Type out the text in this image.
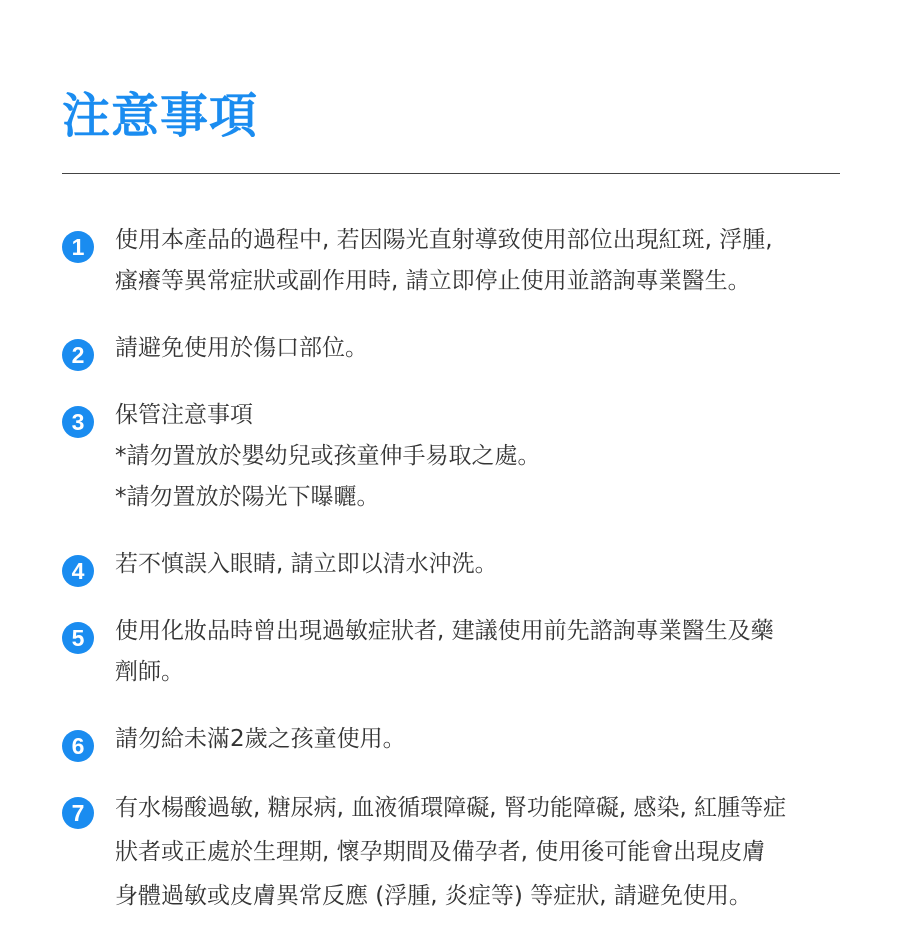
注意事項
1	使用本產品的過程中, 若因陽光直射導致使用部位出現紅斑, 浮腫,
瘙癢等異常症狀或副作用時, 請立即停止使用並諮詢專業醫生。
2	請避免使用於傷口部位。
3	保管注意事項
*請勿置放於嬰幼兒或孩童伸手易取之處。
*請勿置放於陽光下曝曬。
4	若不慎誤入眼睛, 請立即以清水沖洗。
5	使用化妝品時曾出現過敏症狀者, 建議使用前先諮詢專業醫生及藥
劑師。
6	請勿給未滿2歲之孩童使用。
7	有水楊酸過敏, 糖尿病, 血液循環障礙, 腎功能障礙, 感染, 紅腫等症
狀者或正處於生理期, 懷孕期間及備孕者, 使用後可能會出現皮膚
身體過敏或皮膚異常反應 (浮腫, 炎症等) 等症狀, 請避免使用。
